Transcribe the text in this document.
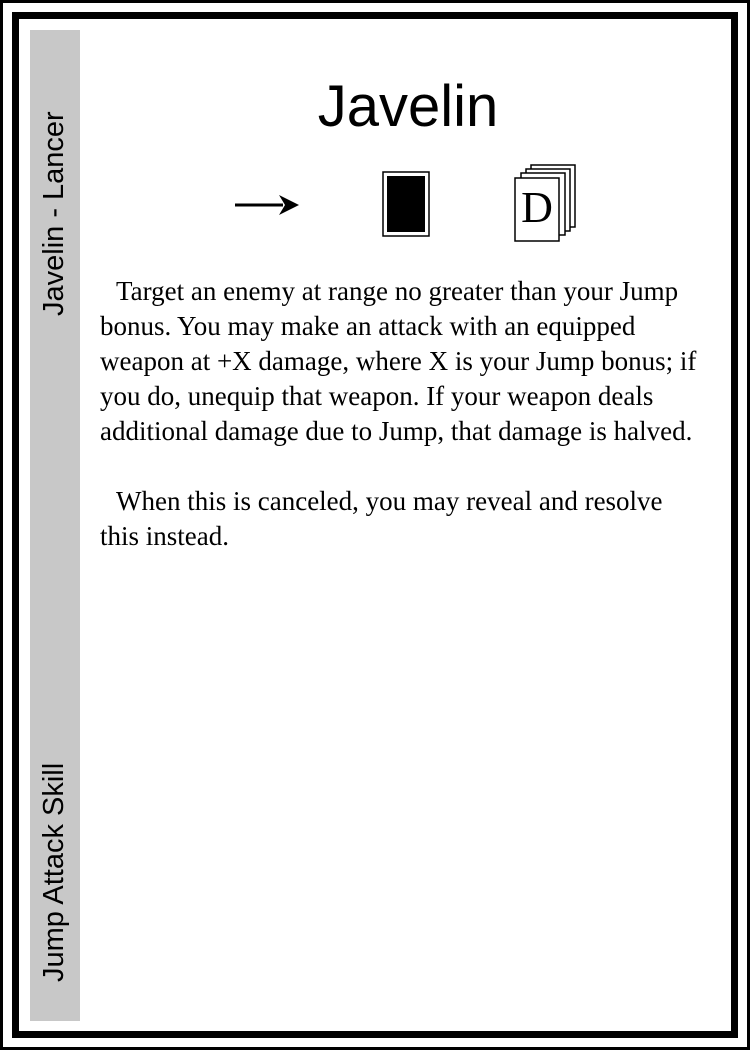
Javelin - Lancer
Jump Attack Skill
Javelin
D

Target an enemy at range no greater than your Jump bonus. You may make an attack with an equipped weapon at +X damage, where X is your Jump bonus; if you do, unequip that weapon. If your weapon deals additional damage due to Jump, that damage is halved.

When this is canceled, you may reveal and resolve this instead.
